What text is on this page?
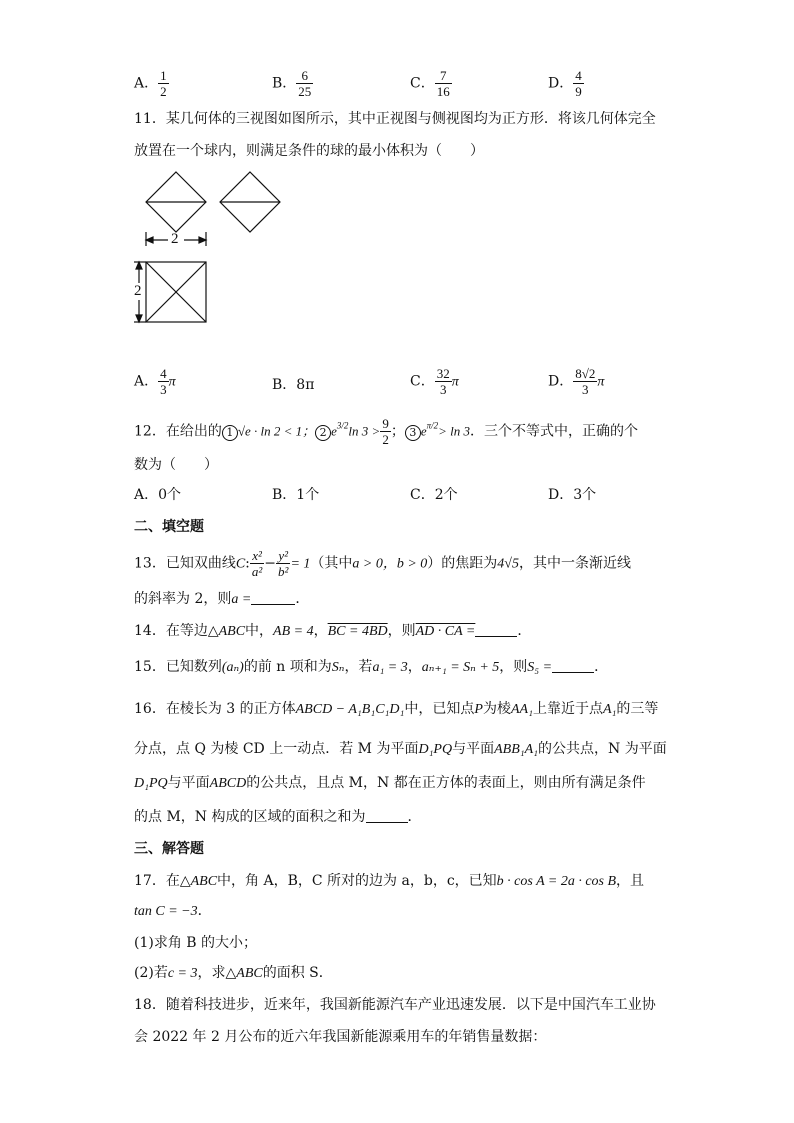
A． $\frac{1}{2}$	B． $\frac{6}{25}$	C． $\frac{7}{16}$	D． $\frac{4}{9}$
11．某几何体的三视图如图所示，其中正视图与侧视图均为正方形．将该几何体完全
放置在一个球内，则满足条件的球的最小体积为（　　）
2
2
A． $\frac{4}{3}$ π	B．8π	C． $\frac{32}{3}$ π	D． $\frac{8√2}{3}$ π
12．在给出的 1 √e · ln 2 < 1； 2 $e^{3/2}\ln$ $3 > \frac{9}{2}$ ； 3 $e^{\pi/2}> \ln 3$．三个不等式中，正确的个
数为（　　）
A．0个	B．1个	C．2个	D．3个
二、填空题
13．已知双曲线C: $\frac{\text{x²}}{\text{a²}} - \frac{\text{y²}}{\text{b²}} = 1$（其中a > 0，b > 0）的焦距为4√5，其中一条渐近线
的斜率为 2，则a =	．
14．在等边△ABC中，AB = 4，BC = 4BD，则AD · CA =	．
15．已知数列(aₙ)的前 n 项和为Sₙ，若a₁ = 3，aₙ₊₁ = Sₙ + 5，则S₅ =	．
16．在棱长为 3 的正方体ABCD − A₁B₁C₁D₁中，已知点P为棱AA₁上靠近于点A₁的三等
分点，点 Q 为棱 CD 上一动点．若 M 为平面D₁PQ与平面ABB₁A₁的公共点，N 为平面
D₁PQ与平面ABCD的公共点，且点 M，N 都在正方体的表面上，则由所有满足条件
的点 M，N 构成的区域的面积之和为	．
三、解答题
17．在△ABC中，角 A，B，C 所对的边为 a，b，c，已知b · cos A = 2a · cos B，且
tan C = −3．
(1)求角 B 的大小；
(2)若c = 3，求△ABC的面积 S．
18．随着科技进步，近来年，我国新能源汽车产业迅速发展．以下是中国汽车工业协
会 2022 年 2 月公布的近六年我国新能源乘用车的年销售量数据：
